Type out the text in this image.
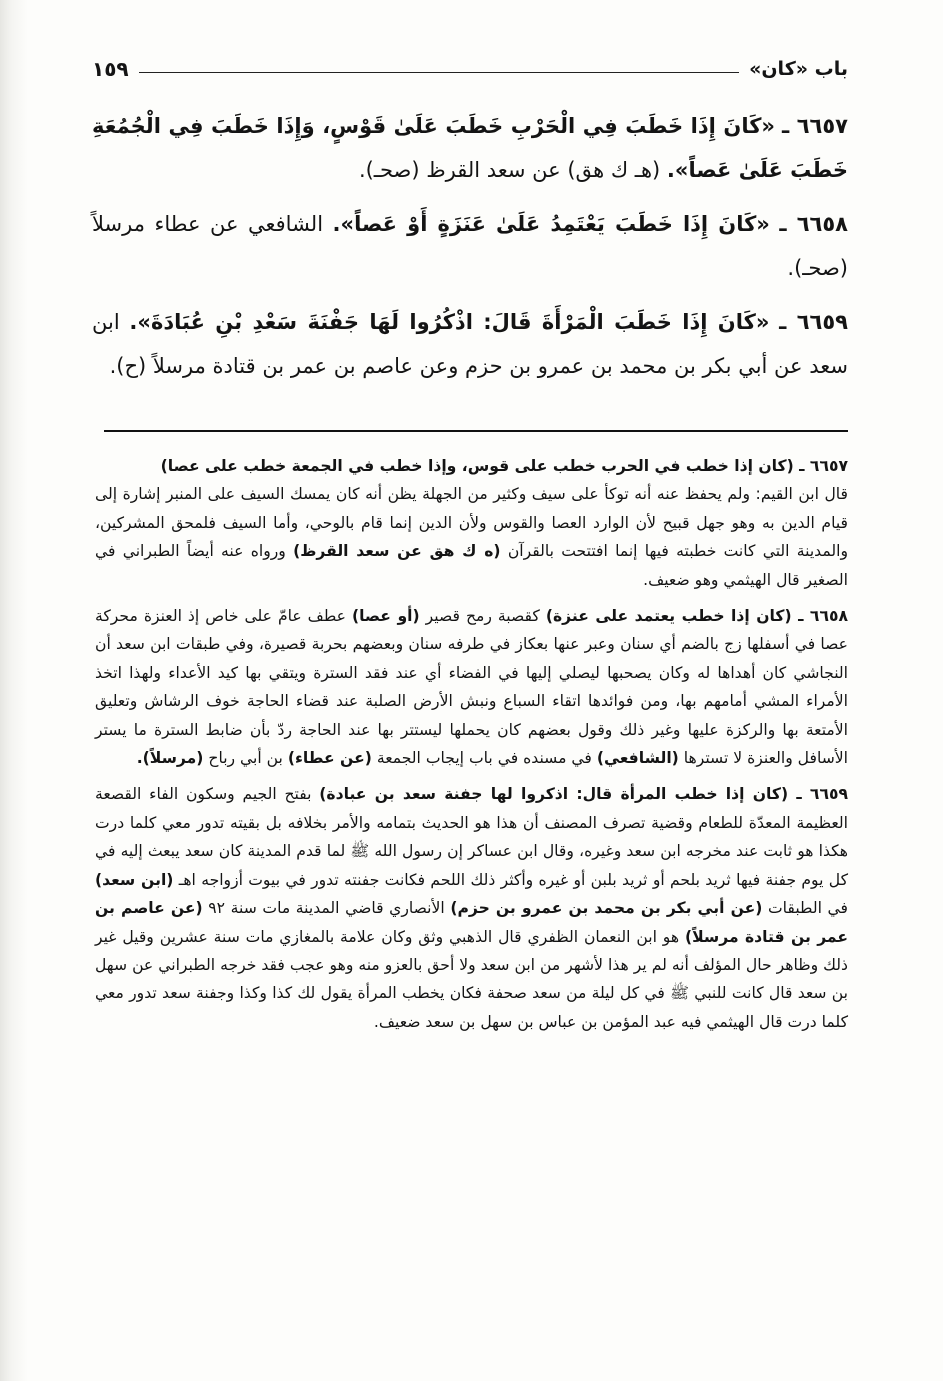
باب «كان»
١٥٩

٦٦٥٧ ـ «كَانَ إِذَا خَطَبَ فِي الْحَرْبِ خَطَبَ عَلَىٰ قَوْسٍ، وَإِذَا خَطَبَ فِي الْجُمُعَةِ خَطَبَ عَلَىٰ عَصاً». (هـ ك هق) عن سعد القرظ (صحـ).

٦٦٥٨ ـ «كَانَ إِذَا خَطَبَ يَعْتَمِدُ عَلَىٰ عَنَزَةٍ أَوْ عَصاً». الشافعي عن عطاء مرسلاً (صحـ).

٦٦٥٩ ـ «كَانَ إِذَا خَطَبَ الْمَرْأَةَ قَالَ: اذْكُرُوا لَهَا جَفْنَةَ سَعْدِ بْنِ عُبَادَةَ». ابن سعد عن أبي بكر بن محمد بن عمرو بن حزم وعن عاصم بن عمر بن قتادة مرسلاً (ح).

٦٦٥٧ ـ (كان إذا خطب في الحرب خطب على قوس، وإذا خطب في الجمعة خطب على عصا)
قال ابن القيم: ولم يحفظ عنه أنه توكأ على سيف وكثير من الجهلة يظن أنه كان يمسك السيف على المنبر إشارة إلى قيام الدين به وهو جهل قبيح لأن الوارد العصا والقوس ولأن الدين إنما قام بالوحي، وأما السيف فلمحق المشركين، والمدينة التي كانت خطبته فيها إنما افتتحت بالقرآن (ه ك هق عن سعد القرظ) ورواه عنه أيضاً الطبراني في الصغير قال الهيثمي وهو ضعيف.

٦٦٥٨ ـ (كان إذا خطب يعتمد على عنزة) كقصبة رمح قصير (أو عصا) عطف عامّ على خاص إذ العنزة محركة عصا في أسفلها زج بالضم أي سنان وعبر عنها بعكاز في طرفه سنان وبعضهم بحربة قصيرة، وفي طبقات ابن سعد أن النجاشي كان أهداها له وكان يصحبها ليصلي إليها في الفضاء أي عند فقد السترة ويتقي بها كيد الأعداء ولهذا اتخذ الأمراء المشي أمامهم بها، ومن فوائدها اتقاء السباع ونبش الأرض الصلبة عند قضاء الحاجة خوف الرشاش وتعليق الأمتعة بها والركزة عليها وغير ذلك وقول بعضهم كان يحملها ليستتر بها عند الحاجة ردّ بأن ضابط السترة ما يستر الأسافل والعنزة لا تسترها (الشافعي) في مسنده في باب إيجاب الجمعة (عن عطاء) بن أبي رباح (مرسلاً).

٦٦٥٩ ـ (كان إذا خطب المرأة قال: اذكروا لها جفنة سعد بن عبادة) بفتح الجيم وسكون الفاء القصعة العظيمة المعدّة للطعام وقضية تصرف المصنف أن هذا هو الحديث بتمامه والأمر بخلافه بل بقيته تدور معي كلما درت هكذا هو ثابت عند مخرجه ابن سعد وغيره، وقال ابن عساكر إن رسول الله ﷺ لما قدم المدينة كان سعد يبعث إليه في كل يوم جفنة فيها ثريد بلحم أو ثريد بلبن أو غيره وأكثر ذلك اللحم فكانت جفنته تدور في بيوت أزواجه اهـ (ابن سعد) في الطبقات (عن أبي بكر بن محمد بن عمرو بن حزم) الأنصاري قاضي المدينة مات سنة ٩٢ (عن عاصم بن عمر بن قتادة مرسلاً) هو ابن النعمان الظفري قال الذهبي وثق وكان علامة بالمغازي مات سنة عشرين وقيل غير ذلك وظاهر حال المؤلف أنه لم ير هذا لأشهر من ابن سعد ولا أحق بالعزو منه وهو عجب فقد خرجه الطبراني عن سهل بن سعد قال كانت للنبي ﷺ في كل ليلة من سعد صحفة فكان يخطب المرأة يقول لك كذا وكذا وجفنة سعد تدور معي كلما درت قال الهيثمي فيه عبد المؤمن بن عباس بن سهل بن سعد ضعيف.
